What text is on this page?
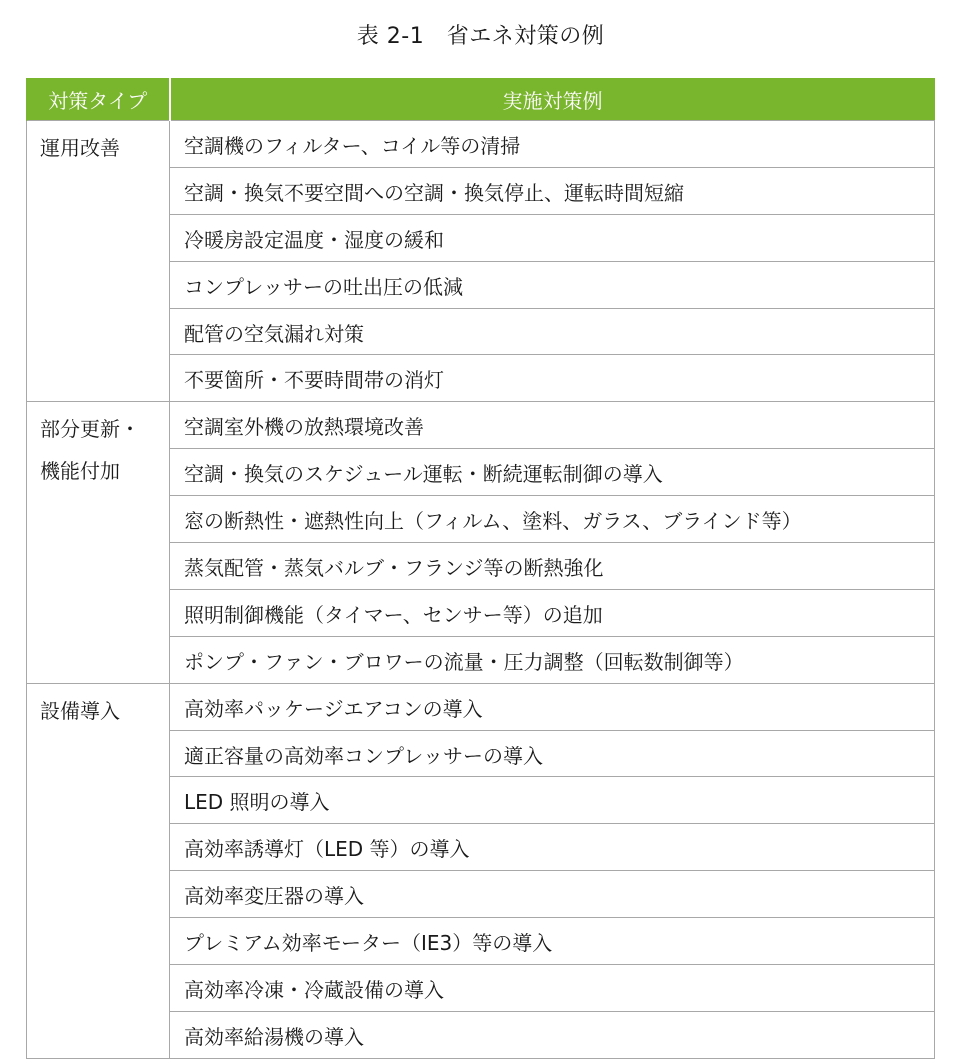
表 2-1　省エネ対策の例
対策タイプ	実施対策例

運用改善	空調機のフィルター、コイル等の清掃
	空調・換気不要空間への空調・換気停止、運転時間短縮
	冷暖房設定温度・湿度の緩和
	コンプレッサーの吐出圧の低減
	配管の空気漏れ対策
	不要箇所・不要時間帯の消灯

部分更新・
機能付加	空調室外機の放熱環境改善
	空調・換気のスケジュール運転・断続運転制御の導入
	窓の断熱性・遮熱性向上（フィルム、塗料、ガラス、ブラインド等）
	蒸気配管・蒸気バルブ・フランジ等の断熱強化
	照明制御機能（タイマー、センサー等）の追加
	ポンプ・ファン・ブロワーの流量・圧力調整（回転数制御等）

設備導入	高効率パッケージエアコンの導入
	適正容量の高効率コンプレッサーの導入
	LED 照明の導入
	高効率誘導灯（LED 等）の導入
	高効率変圧器の導入
	プレミアム効率モーター（IE3）等の導入
	高効率冷凍・冷蔵設備の導入
	高効率給湯機の導入
